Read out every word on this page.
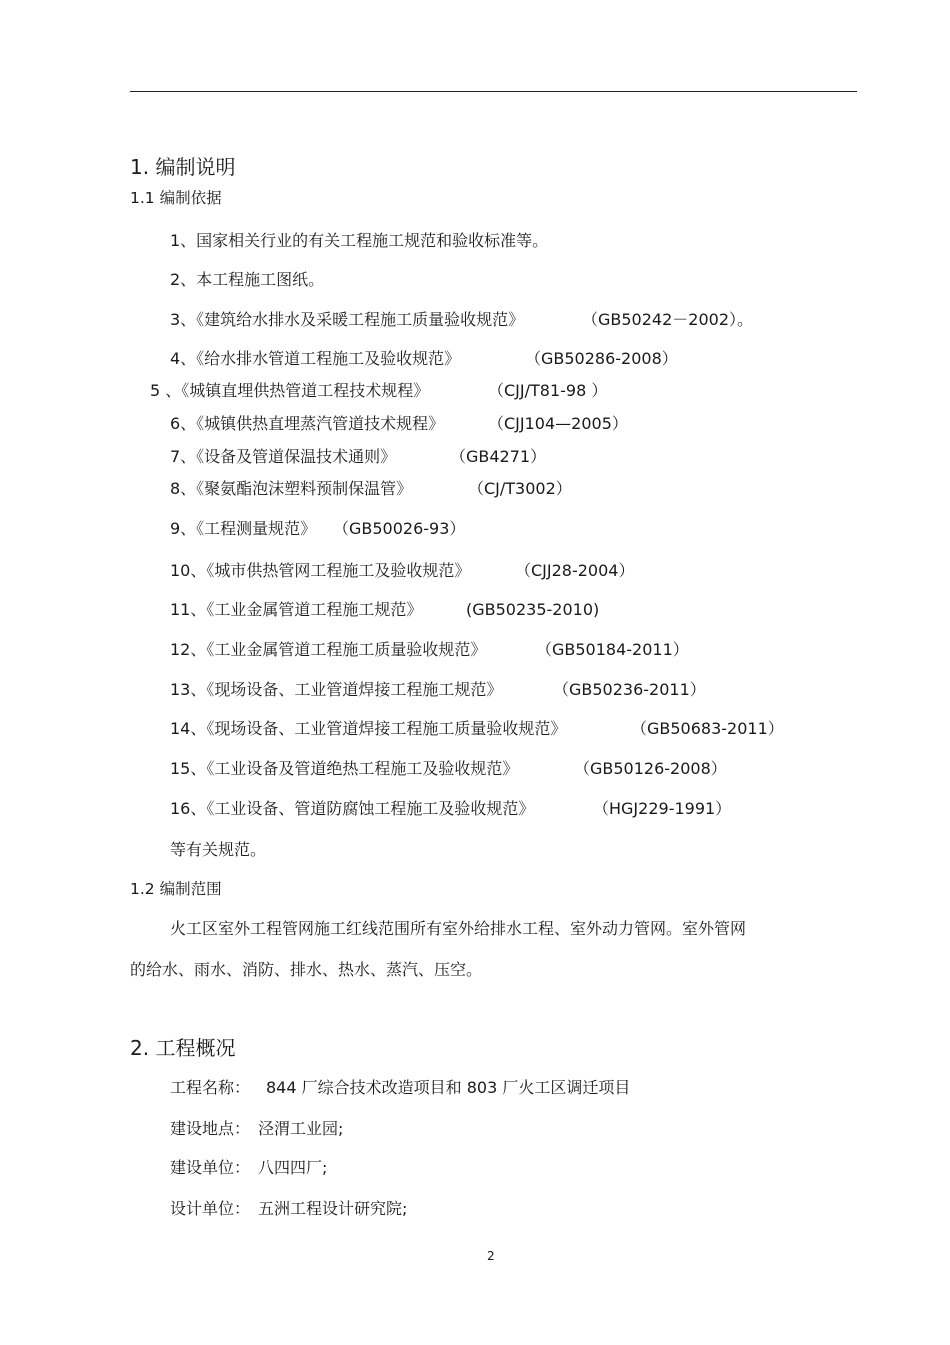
1. 编制说明
1.1 编制依据
1、国家相关行业的有关工程施工规范和验收标准等。
2、本工程施工图纸。
3、《建筑给水排水及采暖工程施工质量验收规范》	（GB50242－2002）。
4、《给水排水管道工程施工及验收规范》	（GB50286-2008）
5 、《城镇直埋供热管道工程技术规程》	（CJJ/T81-98 ）
6、《城镇供热直埋蒸汽管道技术规程》	（CJJ104—2005）
7、《设备及管道保温技术通则》	（GB4271）
8、《聚氨酯泡沫塑料预制保温管》	（CJ/T3002）
9、《工程测量规范》 （GB50026-93）
10、《城市供热管网工程施工及验收规范》	（CJJ28-2004）
11、《工业金属管道工程施工规范》	(GB50235-2010)
12、《工业金属管道工程施工质量验收规范》	（GB50184-2011）
13、《现场设备、工业管道焊接工程施工规范》	（GB50236-2011）
14、《现场设备、工业管道焊接工程施工质量验收规范》	（GB50683-2011）
15、《工业设备及管道绝热工程施工及验收规范》	（GB50126-2008）
16、《工业设备、管道防腐蚀工程施工及验收规范》	（HGJ229-1991）
等有关规范。
1.2 编制范围
火工区室外工程管网施工红线范围所有室外给排水工程、室外动力管网。室外管网
的给水、雨水、消防、排水、热水、蒸汽、压空。
2. 工程概况
工程名称： 844 厂综合技术改造项目和 803 厂火工区调迁项目
建设地点： 泾渭工业园;
建设单位： 八四四厂;
设计单位： 五洲工程设计研究院;
2
